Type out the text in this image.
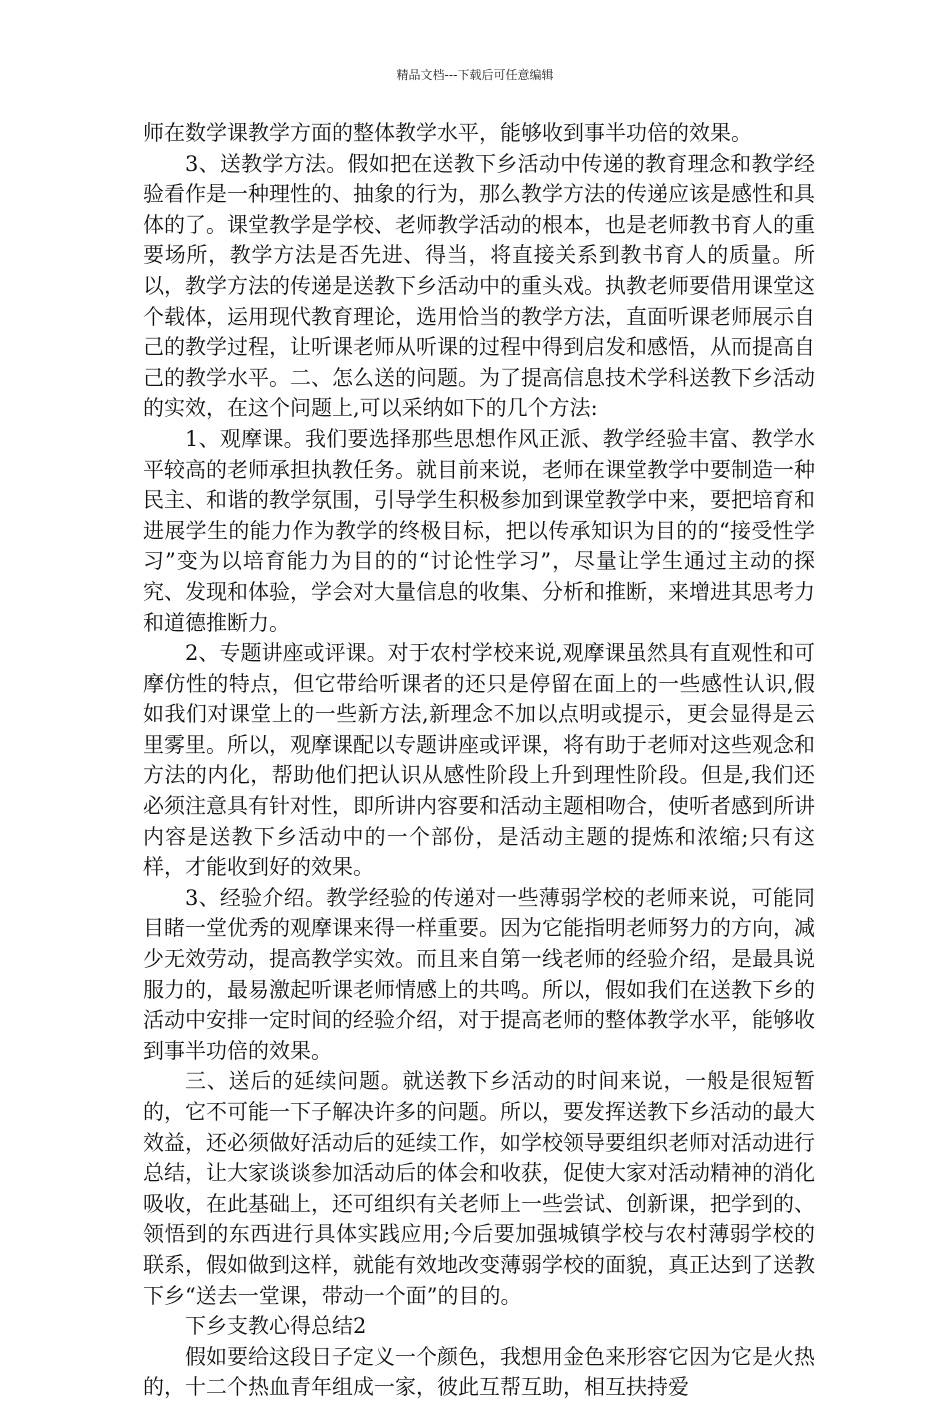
精品文档---下载后可任意编辑

师在数学课教学方面的整体教学水平，能够收到事半功倍的效果。

3、送教学方法。假如把在送教下乡活动中传递的教育理念和教学经验看作是一种理性的、抽象的行为，那么教学方法的传递应该是感性和具体的了。课堂教学是学校、老师教学活动的根本，也是老师教书育人的重要场所，教学方法是否先进、得当，将直接关系到教书育人的质量。所以，教学方法的传递是送教下乡活动中的重头戏。执教老师要借用课堂这个载体，运用现代教育理论，选用恰当的教学方法，直面听课老师展示自己的教学过程，让听课老师从听课的过程中得到启发和感悟，从而提高自己的教学水平。二、怎么送的问题。为了提高信息技术学科送教下乡活动的实效，在这个问题上,可以采纳如下的几个方法:

1、观摩课。我们要选择那些思想作风正派、教学经验丰富、教学水平较高的老师承担执教任务。就目前来说，老师在课堂教学中要制造一种民主、和谐的教学氛围，引导学生积极参加到课堂教学中来，要把培育和进展学生的能力作为教学的终极目标，把以传承知识为目的的“接受性学习”变为以培育能力为目的的“讨论性学习”，尽量让学生通过主动的探究、发现和体验，学会对大量信息的收集、分析和推断，来增进其思考力和道德推断力。

2、专题讲座或评课。对于农村学校来说,观摩课虽然具有直观性和可摩仿性的特点，但它带给听课者的还只是停留在面上的一些感性认识,假如我们对课堂上的一些新方法,新理念不加以点明或提示，更会显得是云里雾里。所以，观摩课配以专题讲座或评课，将有助于老师对这些观念和方法的内化，帮助他们把认识从感性阶段上升到理性阶段。但是,我们还必须注意具有针对性，即所讲内容要和活动主题相吻合，使听者感到所讲内容是送教下乡活动中的一个部份，是活动主题的提炼和浓缩;只有这样，才能收到好的效果。

3、经验介绍。教学经验的传递对一些薄弱学校的老师来说，可能同目睹一堂优秀的观摩课来得一样重要。因为它能指明老师努力的方向，减少无效劳动，提高教学实效。而且来自第一线老师的经验介绍，是最具说服力的，最易激起听课老师情感上的共鸣。所以，假如我们在送教下乡的活动中安排一定时间的经验介绍，对于提高老师的整体教学水平，能够收到事半功倍的效果。

三、送后的延续问题。就送教下乡活动的时间来说，一般是很短暂的，它不可能一下子解决许多的问题。所以，要发挥送教下乡活动的最大效益，还必须做好活动后的延续工作，如学校领导要组织老师对活动进行总结，让大家谈谈参加活动后的体会和收获，促使大家对活动精神的消化吸收，在此基础上，还可组织有关老师上一些尝试、创新课，把学到的、领悟到的东西进行具体实践应用;今后要加强城镇学校与农村薄弱学校的联系，假如做到这样，就能有效地改变薄弱学校的面貌，真正达到了送教下乡“送去一堂课，带动一个面”的目的。

下乡支教心得总结2

假如要给这段日子定义一个颜色，我想用金色来形容它因为它是火热的，十二个热血青年组成一家，彼此互帮互助，相互扶持爱
